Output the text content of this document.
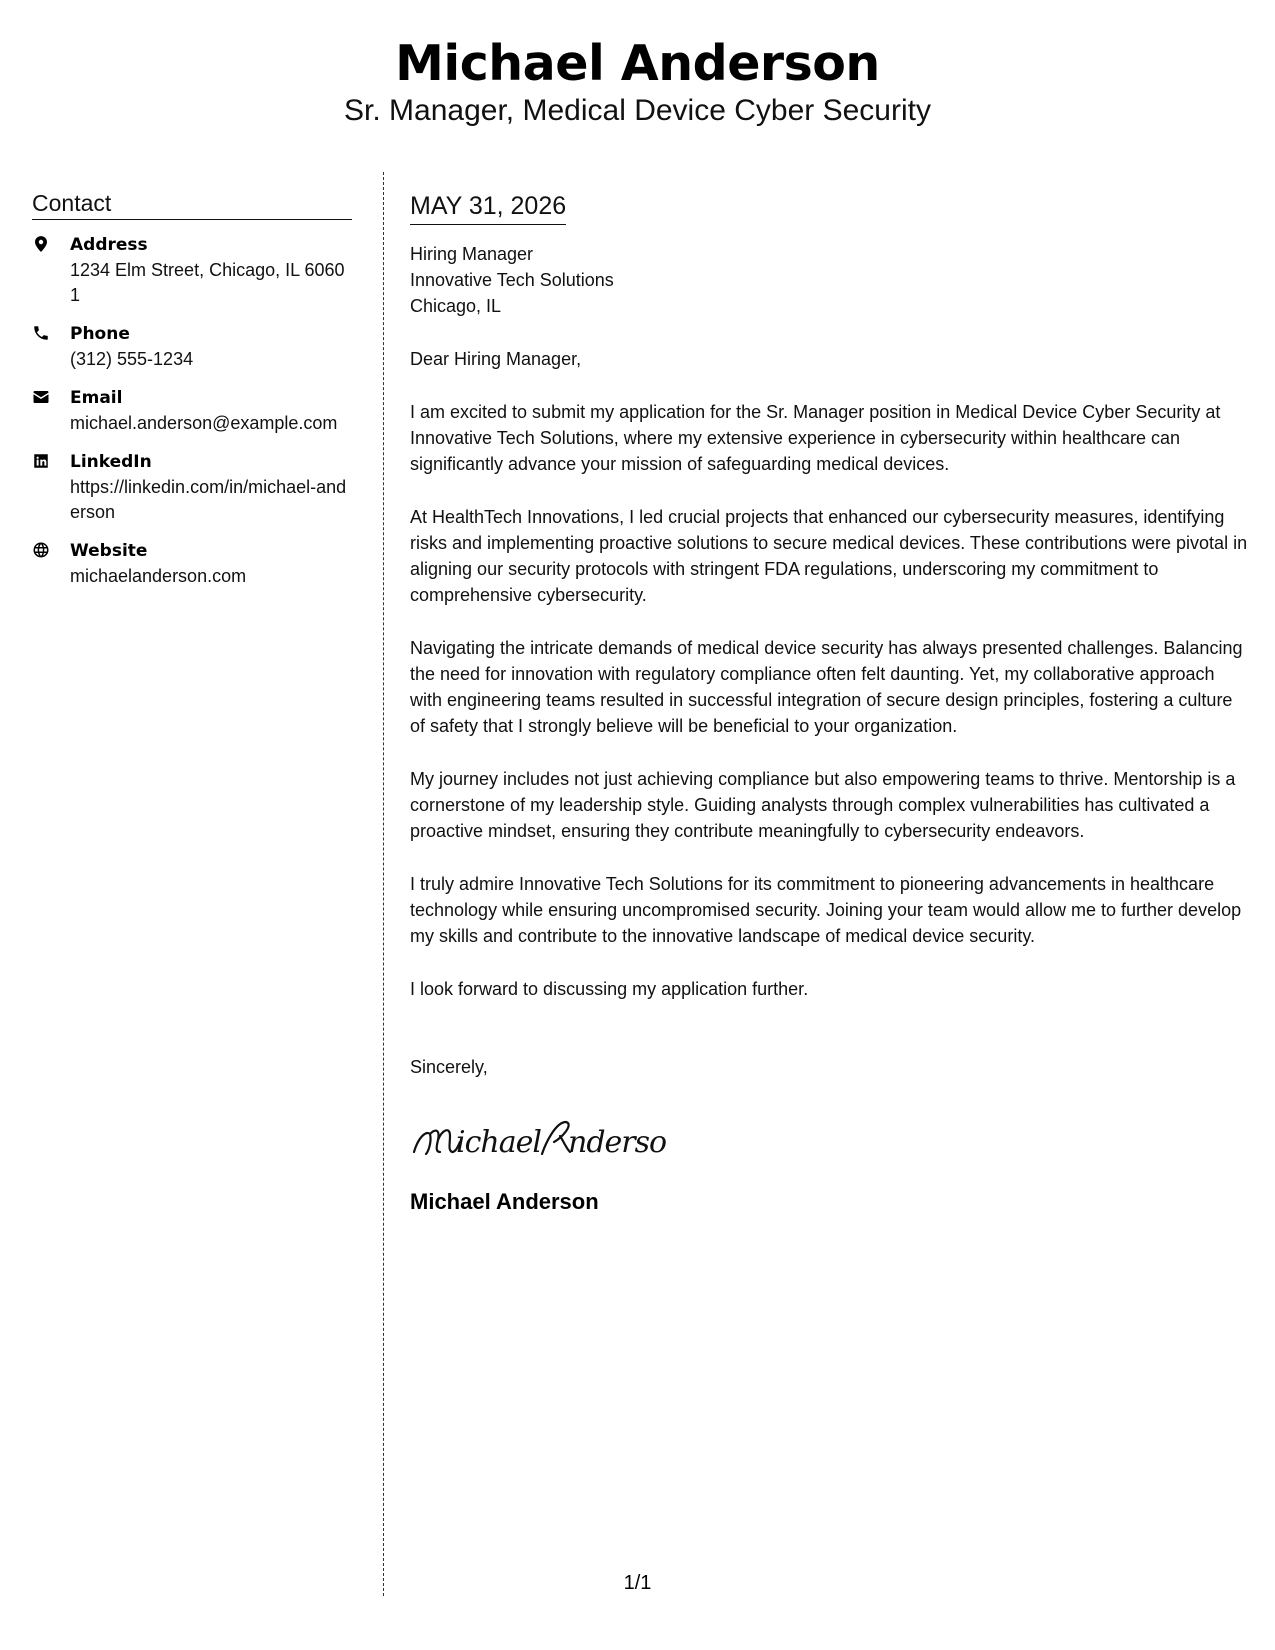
Michael Anderson
Sr. Manager, Medical Device Cyber Security
Contact
Address
1234 Elm Street, Chicago, IL 60601
Phone
(312) 555-1234
Email
michael.anderson@example.com
LinkedIn
https://linkedin.com/in/michael-anderson
Website
michaelanderson.com
MAY 31, 2026
Hiring Manager
Innovative Tech Solutions
Chicago, IL

Dear Hiring Manager,

I am excited to submit my application for the Sr. Manager position in Medical Device Cyber Security at Innovative Tech Solutions, where my extensive experience in cybersecurity within healthcare can significantly advance your mission of safeguarding medical devices.

At HealthTech Innovations, I led crucial projects that enhanced our cybersecurity measures, identifying risks and implementing proactive solutions to secure medical devices. These contributions were pivotal in aligning our security protocols with stringent FDA regulations, underscoring my commitment to comprehensive cybersecurity.

Navigating the intricate demands of medical device security has always presented challenges. Balancing the need for innovation with regulatory compliance often felt daunting. Yet, my collaborative approach with engineering teams resulted in successful integration of secure design principles, fostering a culture of safety that I strongly believe will be beneficial to your organization.

My journey includes not just achieving compliance but also empowering teams to thrive. Mentorship is a cornerstone of my leadership style. Guiding analysts through complex vulnerabilities has cultivated a proactive mindset, ensuring they contribute meaningfully to cybersecurity endeavors.

I truly admire Innovative Tech Solutions for its commitment to pioneering advancements in healthcare technology while ensuring uncompromised security. Joining your team would allow me to further develop my skills and contribute to the innovative landscape of medical device security.

I look forward to discussing my application further.

Sincerely,
ichael nderso
Michael Anderson
1/1
